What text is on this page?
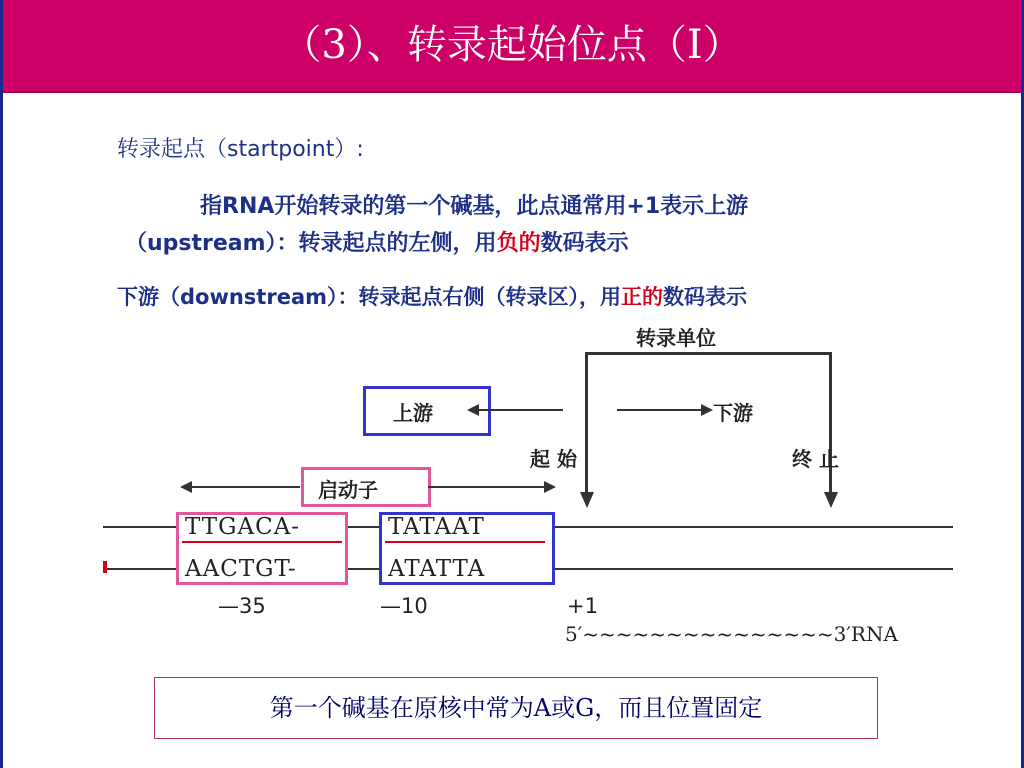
（3）、转录起始位点（I）
转录起点（startpoint）:
指RNA开始转录的第一个碱基，此点通常用+1表示上游
（upstream）：转录起点的左侧，用负的数码表示
下游（downstream）：转录起点右侧（转录区），用正的数码表示
转录单位
上游	下游
起 始	终 止
启动子
TTGACA-
AACTGT-
TATAAT
ATATTA
—35	—10	+1
5′~~~~~~~~~~~~~~~3′RNA
第一个碱基在原核中常为A或G，而且位置固定
